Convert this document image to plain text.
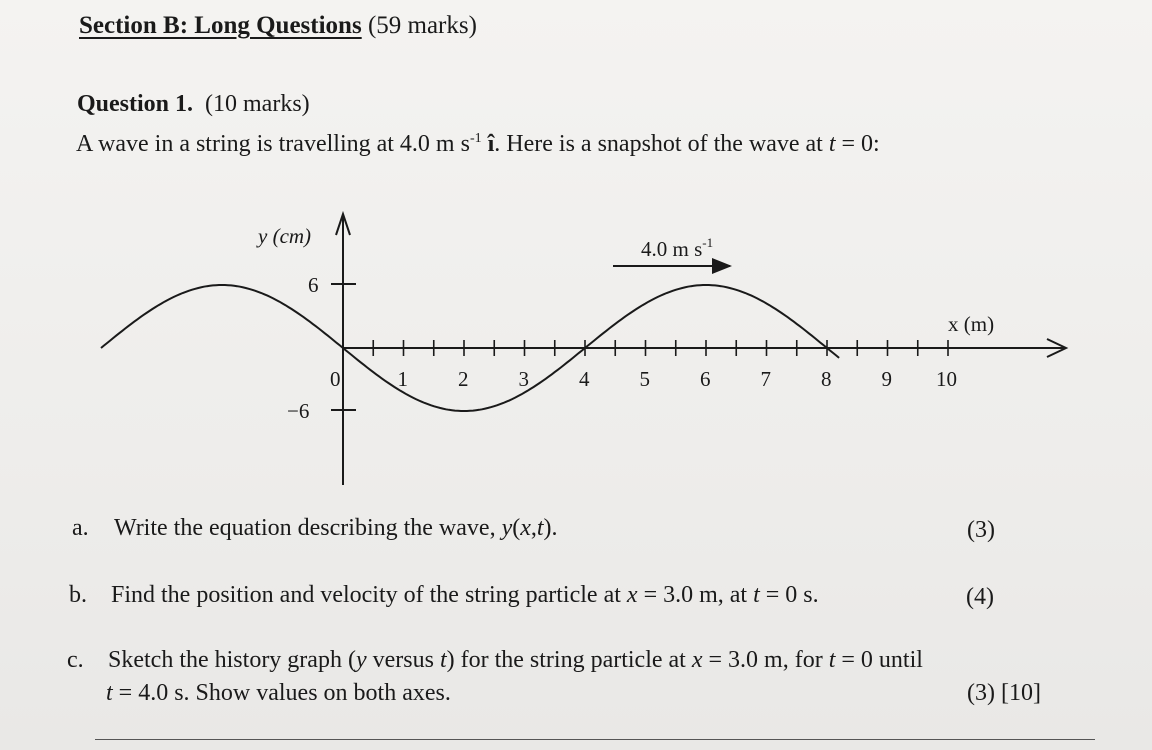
Section B: Long Questions (59 marks)
Question 1. (10 marks)
A wave in a string is travelling at 4.0 m $s^{-1}$ î. Here is a snapshot of the wave at t = 0:
0	1 2 3 4 5 6 7 8 9 10
6
−6
y (cm)
x (m)
4.0 m $s^{-1}$
a. Write the equation describing the wave, y(x,t).	(3)
b. Find the position and velocity of the string particle at x = 3.0 m, at t = 0 s.	(4)
c. Sketch the history graph (y versus t) for the string particle at x = 3.0 m, for t = 0 until
t = 4.0 s. Show values on both axes.	(3) [10]
